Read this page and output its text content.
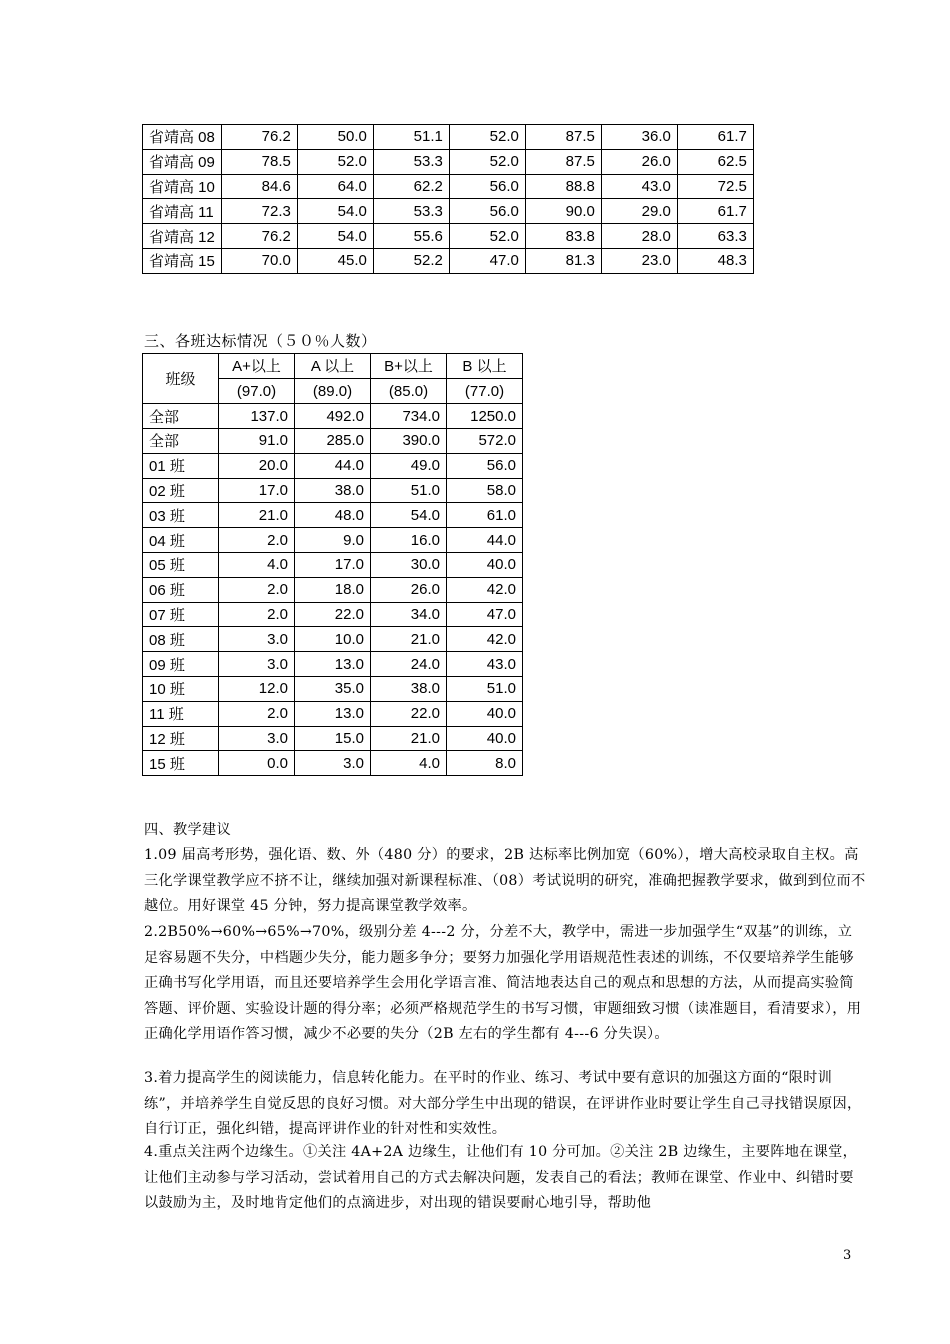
省靖高 08	76.2	50.0	51.1	52.0	87.5	36.0	61.7
省靖高 09	78.5	52.0	53.3	52.0	87.5	26.0	62.5
省靖高 10	84.6	64.0	62.2	56.0	88.8	43.0	72.5
省靖高 11	72.3	54.0	53.3	56.0	90.0	29.0	61.7
省靖高 12	76.2	54.0	55.6	52.0	83.8	28.0	63.3
省靖高 15	70.0	45.0	52.2	47.0	81.3	23.0	48.3
三、各班达标情况（５０％人数）
班级	A+以上	A 以上	B+以上	B 以上
	(97.0)	(89.0)	(85.0)	(77.0)
全部	137.0	492.0	734.0	1250.0
全部	91.0	285.0	390.0	572.0
01 班	20.0	44.0	49.0	56.0
02 班	17.0	38.0	51.0	58.0
03 班	21.0	48.0	54.0	61.0
04 班	2.0	9.0	16.0	44.0
05 班	4.0	17.0	30.0	40.0
06 班	2.0	18.0	26.0	42.0
07 班	2.0	22.0	34.0	47.0
08 班	3.0	10.0	21.0	42.0
09 班	3.0	13.0	24.0	43.0
10 班	12.0	35.0	38.0	51.0
11 班	2.0	13.0	22.0	40.0
12 班	3.0	15.0	21.0	40.0
15 班	0.0	3.0	4.0	8.0
四、教学建议
1.09 届高考形势，强化语、数、外（480 分）的要求，2B 达标率比例加宽（60%），增大高校录取自主权。高三化学课堂教学应不挤不让，继续加强对新课程标准、（08）考试说明的研究，准确把握教学要求，做到到位而不越位。用好课堂 45 分钟，努力提高课堂教学效率。
2.2B50%→60%→65%→70%，级别分差 4---2 分，分差不大，教学中，需进一步加强学生“双基”的训练，立足容易题不失分，中档题少失分，能力题多争分；要努力加强化学用语规范性表述的训练，不仅要培养学生能够正确书写化学用语，而且还要培养学生会用化学语言准、简洁地表达自己的观点和思想的方法，从而提高实验简答题、评价题、实验设计题的得分率；必须严格规范学生的书写习惯，审题细致习惯（读准题目，看清要求），用正确化学用语作答习惯，减少不必要的失分（2B 左右的学生都有 4---6 分失误）。
3.着力提高学生的阅读能力，信息转化能力。在平时的作业、练习、考试中要有意识的加强这方面的“限时训练”，并培养学生自觉反思的良好习惯。对大部分学生中出现的错误，在评讲作业时要让学生自己寻找错误原因，自行订正，强化纠错，提高评讲作业的针对性和实效性。
4.重点关注两个边缘生。①关注 4A+2A 边缘生，让他们有 10 分可加。②关注 2B 边缘生，主要阵地在课堂，让他们主动参与学习活动，尝试着用自己的方式去解决问题，发表自己的看法；教师在课堂、作业中、纠错时要以鼓励为主，及时地肯定他们的点滴进步，对出现的错误要耐心地引导，帮助他
3
